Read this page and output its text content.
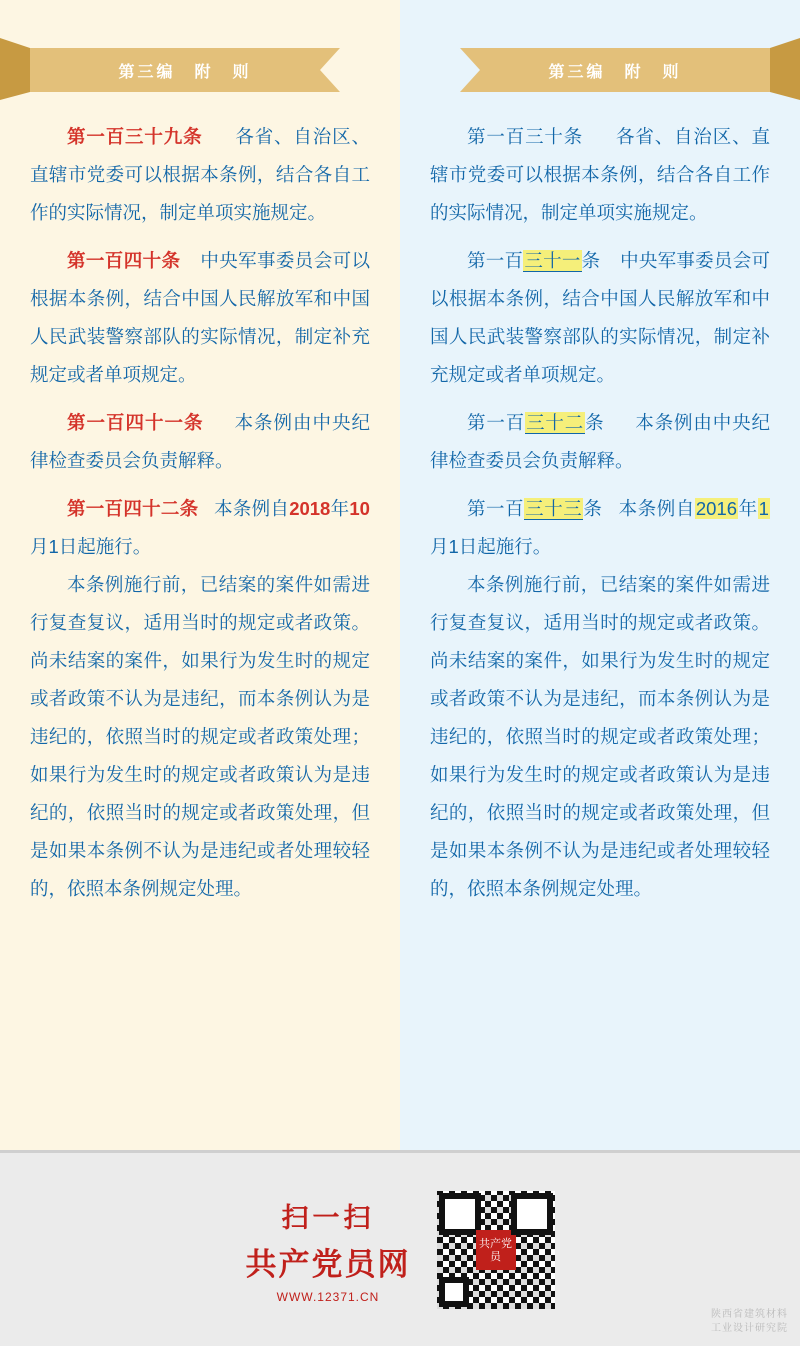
第三编　附　则

第一百三十九条 各省、自治区、直辖市党委可以根据本条例，结合各自工作的实际情况，制定单项实施规定。

第一百四十条 中央军事委员会可以根据本条例，结合中国人民解放军和中国人民武装警察部队的实际情况，制定补充规定或者单项规定。

第一百四十一条 本条例由中央纪律检查委员会负责解释。

第一百四十二条 本条例自2018年10月1日起施行。

本条例施行前，已结案的案件如需进行复查复议，适用当时的规定或者政策。尚未结案的案件，如果行为发生时的规定或者政策不认为是违纪，而本条例认为是违纪的，依照当时的规定或者政策处理；如果行为发生时的规定或者政策认为是违纪的，依照当时的规定或者政策处理，但是如果本条例不认为是违纪或者处理较轻的，依照本条例规定处理。

第三编　附　则

第一百三十条 各省、自治区、直辖市党委可以根据本条例，结合各自工作的实际情况，制定单项实施规定。

第一百三十一条 中央军事委员会可以根据本条例，结合中国人民解放军和中国人民武装警察部队的实际情况，制定补充规定或者单项规定。

第一百三十二条 本条例由中央纪律检查委员会负责解释。

第一百三十三条 本条例自2016年1月1日起施行。

本条例施行前，已结案的案件如需进行复查复议，适用当时的规定或者政策。尚未结案的案件，如果行为发生时的规定或者政策不认为是违纪，而本条例认为是违纪的，依照当时的规定或者政策处理；如果行为发生时的规定或者政策认为是违纪的，依照当时的规定或者政策处理，但是如果本条例不认为是违纪或者处理较轻的，依照本条例规定处理。

扫一扫
共产党员网
WWW.12371.CN
共产党员
陕西省建筑材料
工业设计研究院
